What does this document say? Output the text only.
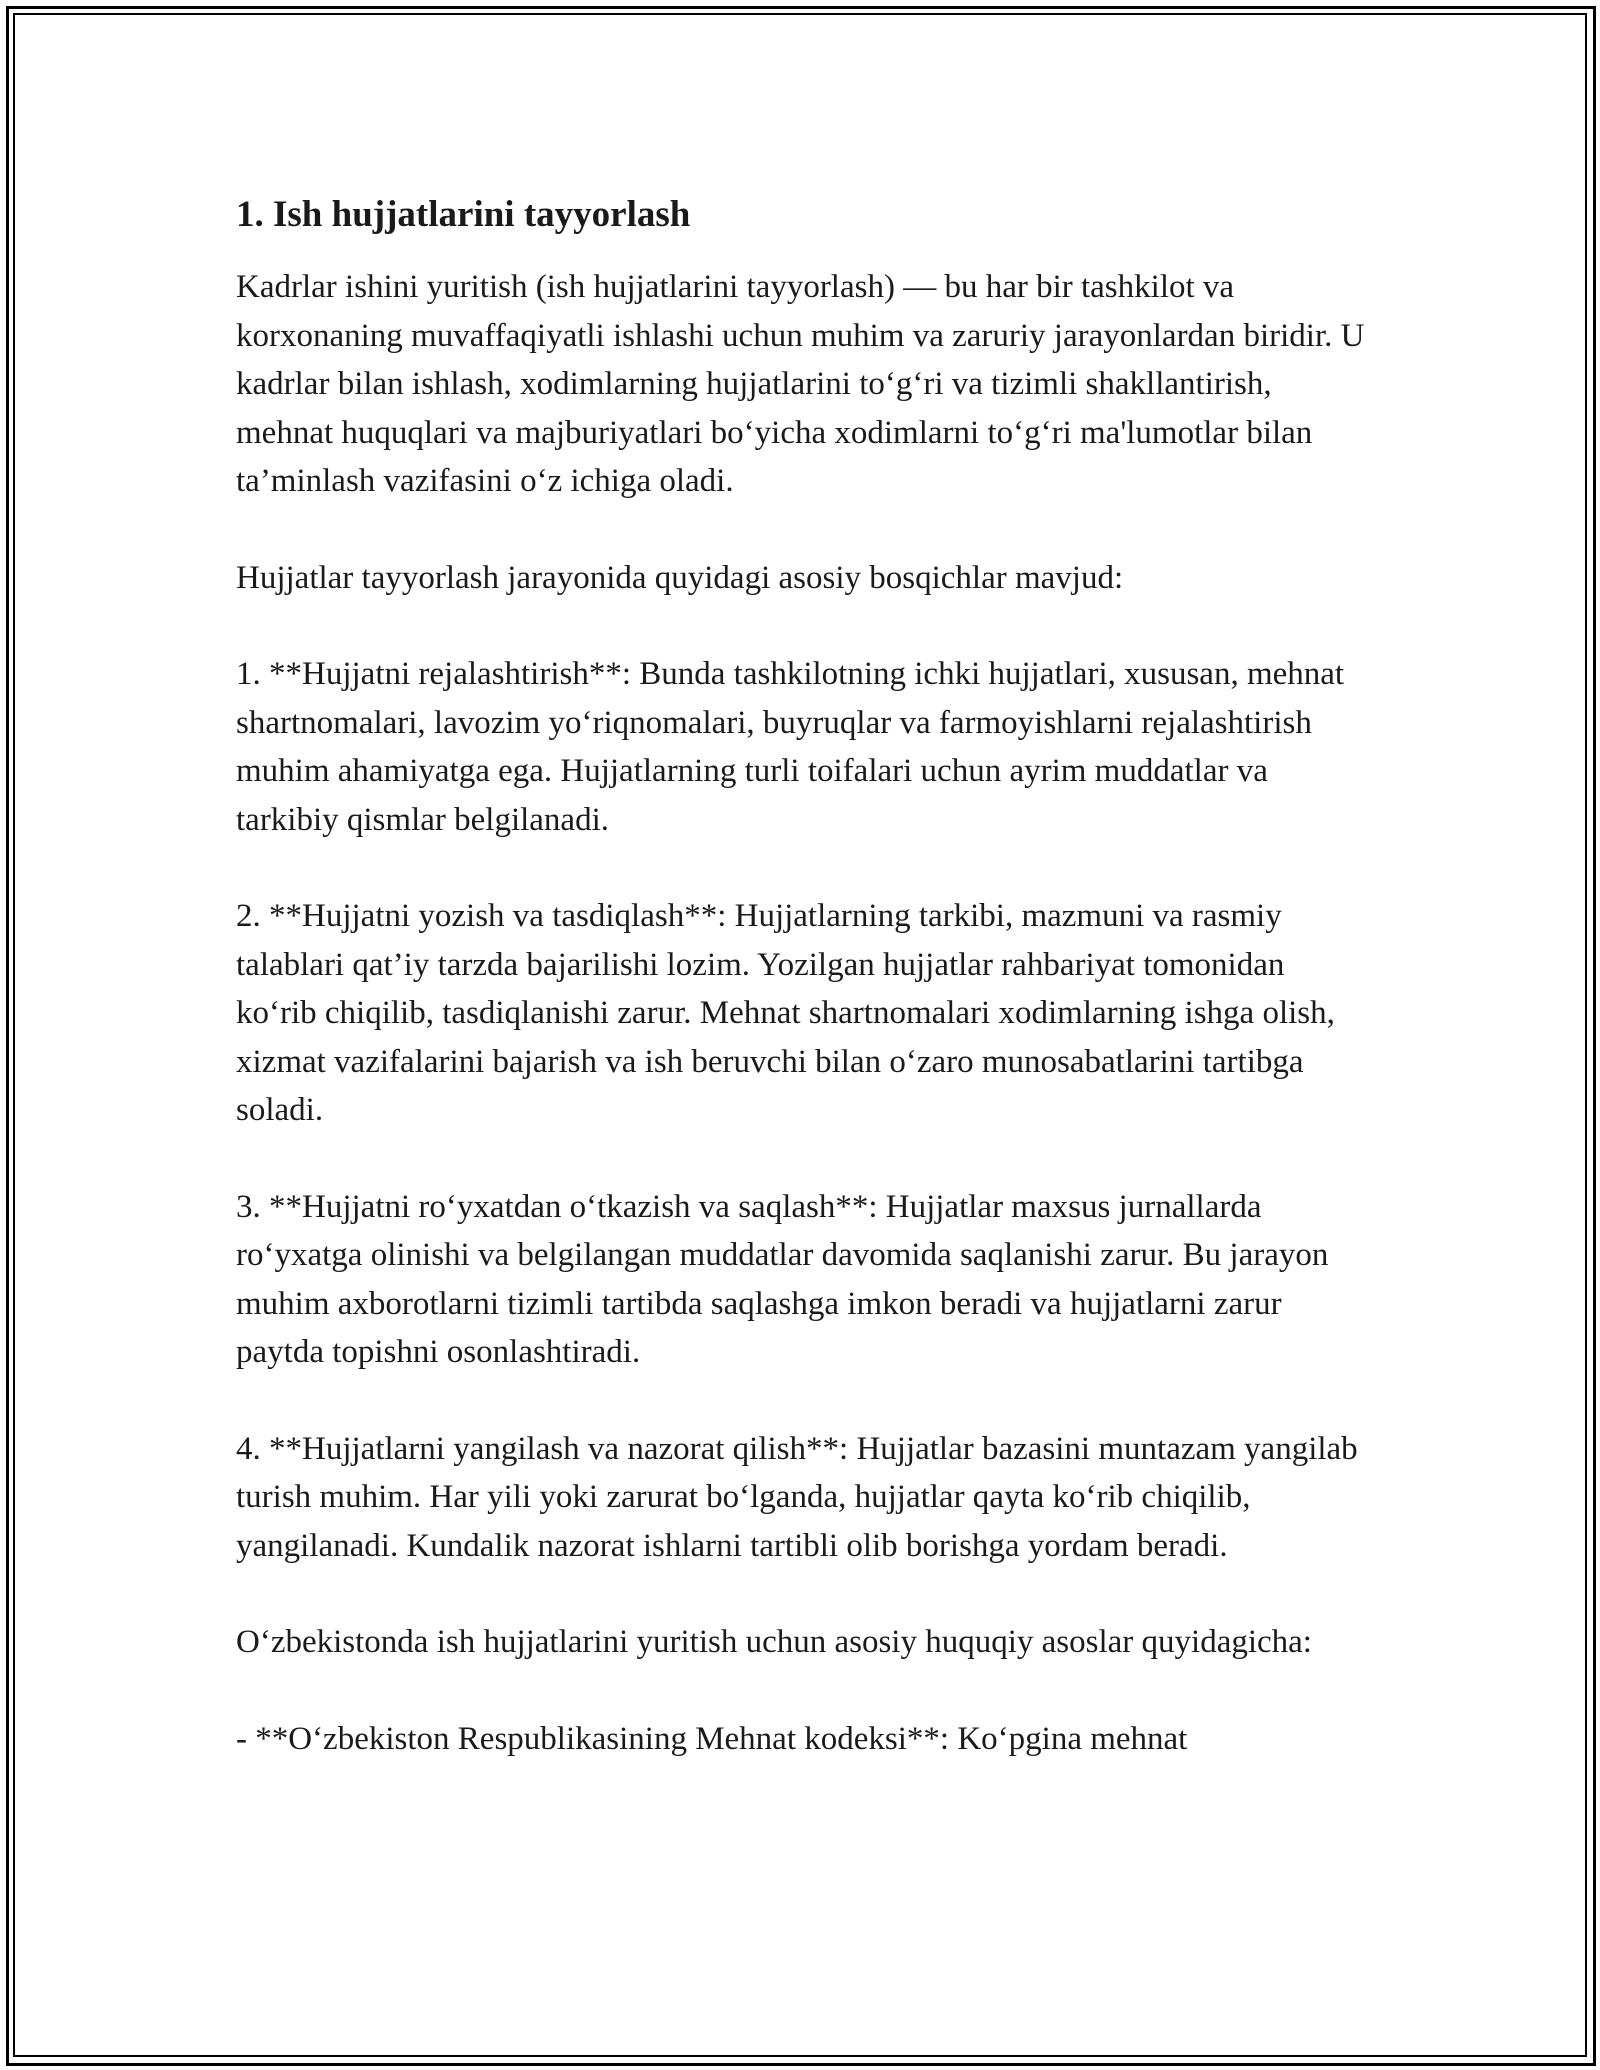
1. Ish hujjatlarini tayyorlash

Kadrlar ishini yuritish (ish hujjatlarini tayyorlash) — bu har bir tashkilot va korxonaning muvaffaqiyatli ishlashi uchun muhim va zaruriy jarayonlardan biridir. U kadrlar bilan ishlash, xodimlarning hujjatlarini to‘g‘ri va tizimli shakllantirish, mehnat huquqlari va majburiyatlari bo‘yicha xodimlarni to‘g‘ri ma'lumotlar bilan ta’minlash vazifasini o‘z ichiga oladi.

Hujjatlar tayyorlash jarayonida quyidagi asosiy bosqichlar mavjud:

1. **Hujjatni rejalashtirish**: Bunda tashkilotning ichki hujjatlari, xususan, mehnat shartnomalari, lavozim yo‘riqnomalari, buyruqlar va farmoyishlarni rejalashtirish muhim ahamiyatga ega. Hujjatlarning turli toifalari uchun ayrim muddatlar va tarkibiy qismlar belgilanadi.

2. **Hujjatni yozish va tasdiqlash**: Hujjatlarning tarkibi, mazmuni va rasmiy talablari qat’iy tarzda bajarilishi lozim. Yozilgan hujjatlar rahbariyat tomonidan ko‘rib chiqilib, tasdiqlanishi zarur. Mehnat shartnomalari xodimlarning ishga olish, xizmat vazifalarini bajarish va ish beruvchi bilan o‘zaro munosabatlarini tartibga soladi.

3. **Hujjatni ro‘yxatdan o‘tkazish va saqlash**: Hujjatlar maxsus jurnallarda ro‘yxatga olinishi va belgilangan muddatlar davomida saqlanishi zarur. Bu jarayon muhim axborotlarni tizimli tartibda saqlashga imkon beradi va hujjatlarni zarur paytda topishni osonlashtiradi.

4. **Hujjatlarni yangilash va nazorat qilish**: Hujjatlar bazasini muntazam yangilab turish muhim. Har yili yoki zarurat bo‘lganda, hujjatlar qayta ko‘rib chiqilib, yangilanadi. Kundalik nazorat ishlarni tartibli olib borishga yordam beradi.

O‘zbekistonda ish hujjatlarini yuritish uchun asosiy huquqiy asoslar quyidagicha:

- **O‘zbekiston Respublikasining Mehnat kodeksi**: Ko‘pgina mehnat
